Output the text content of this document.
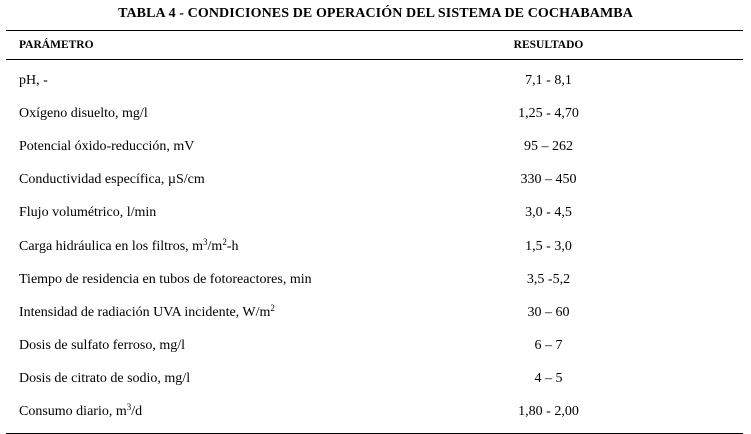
TABLA 4 - CONDICIONES DE OPERACIÓN DEL SISTEMA DE COCHABAMBA
PARÁMETRO	RESULTADO
pH, -	7,1 - 8,1
Oxígeno disuelto, mg/l	1,25 - 4,70
Potencial óxido-reducción, mV	95 – 262
Conductividad específica, µS/cm	330 – 450
Flujo volumétrico, l/min	3,0 - 4,5
Carga hidráulica en los filtros, $m^3/m^2-h$	1,5 - 3,0
Tiempo de residencia en tubos de fotoreactores, min	3,5 -5,2
Intensidad de radiación UVA incidente, $W/m^2$	30 – 60
Dosis de sulfato ferroso, mg/l	6 – 7
Dosis de citrato de sodio, mg/l	4 – 5
Consumo diario, $m^3/d$	1,80 - 2,00
